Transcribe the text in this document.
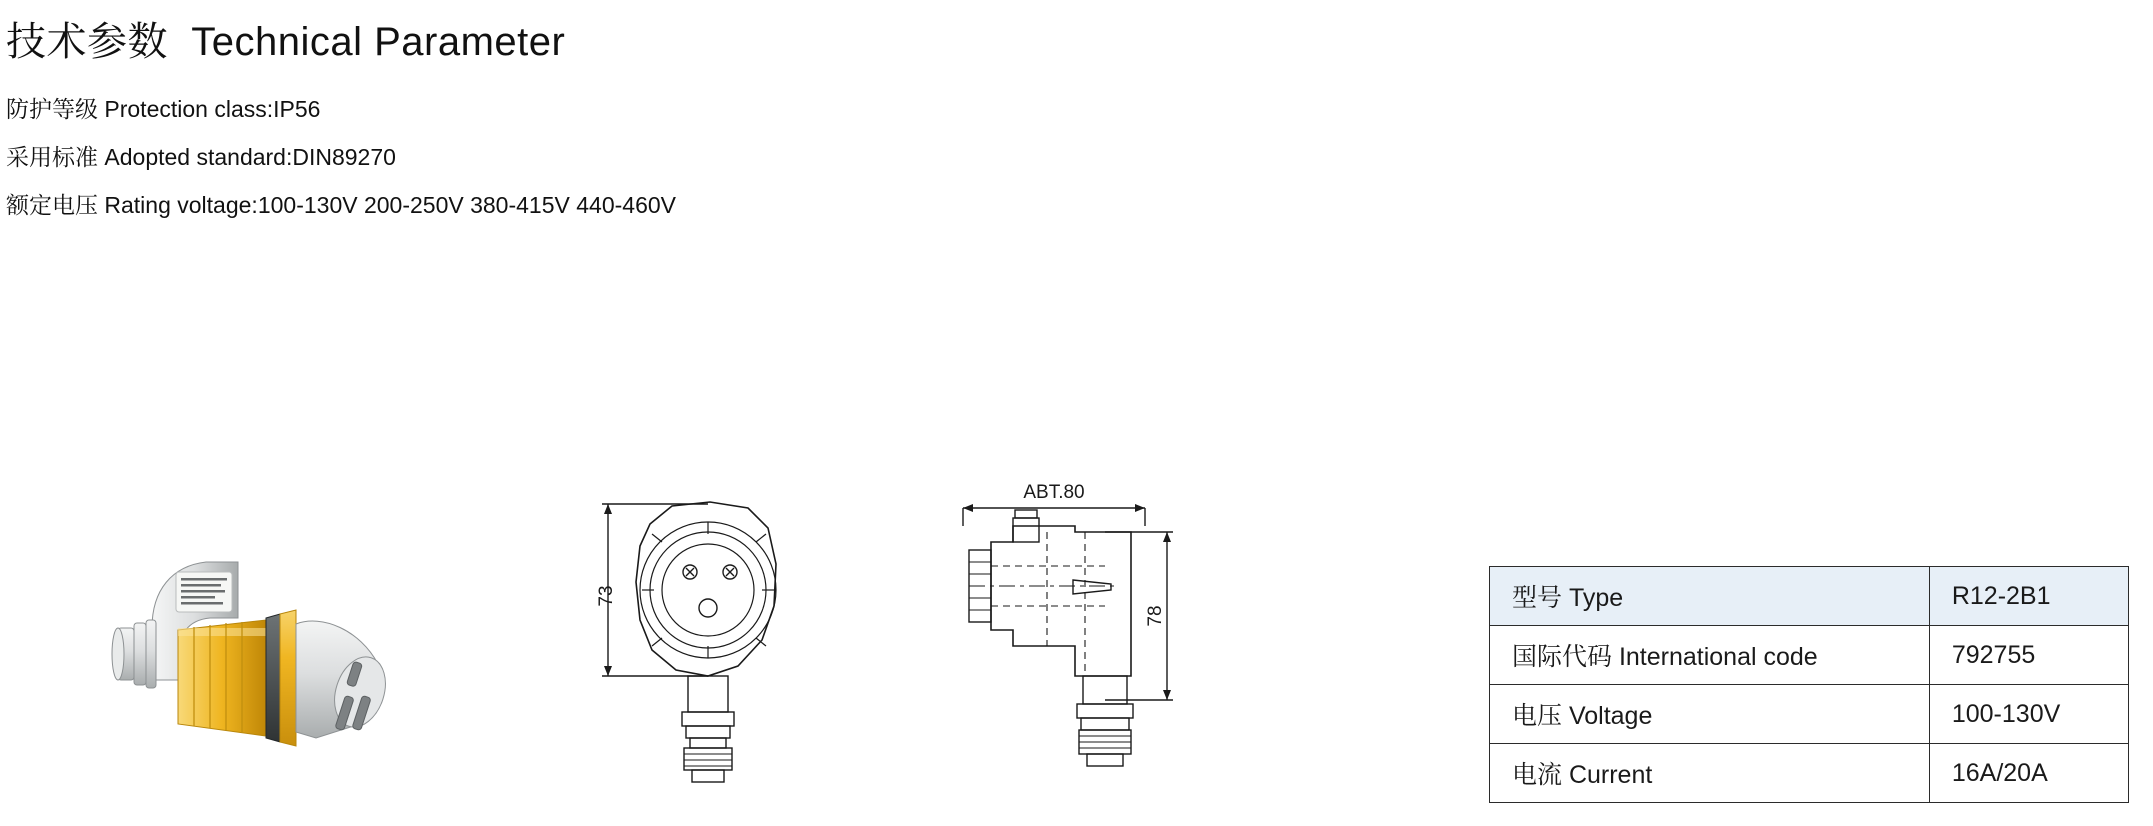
技术参数  Technical Parameter
防护等级 Protection class:IP56
采用标准 Adopted standard:DIN89270
额定电压 Rating voltage:100-130V 200-250V 380-415V 440-460V
73
ABT.80
78
型号 Type	R12-2B1
国际代码 International code	792755
电压 Voltage	100-130V
电流 Current	16A/20A
